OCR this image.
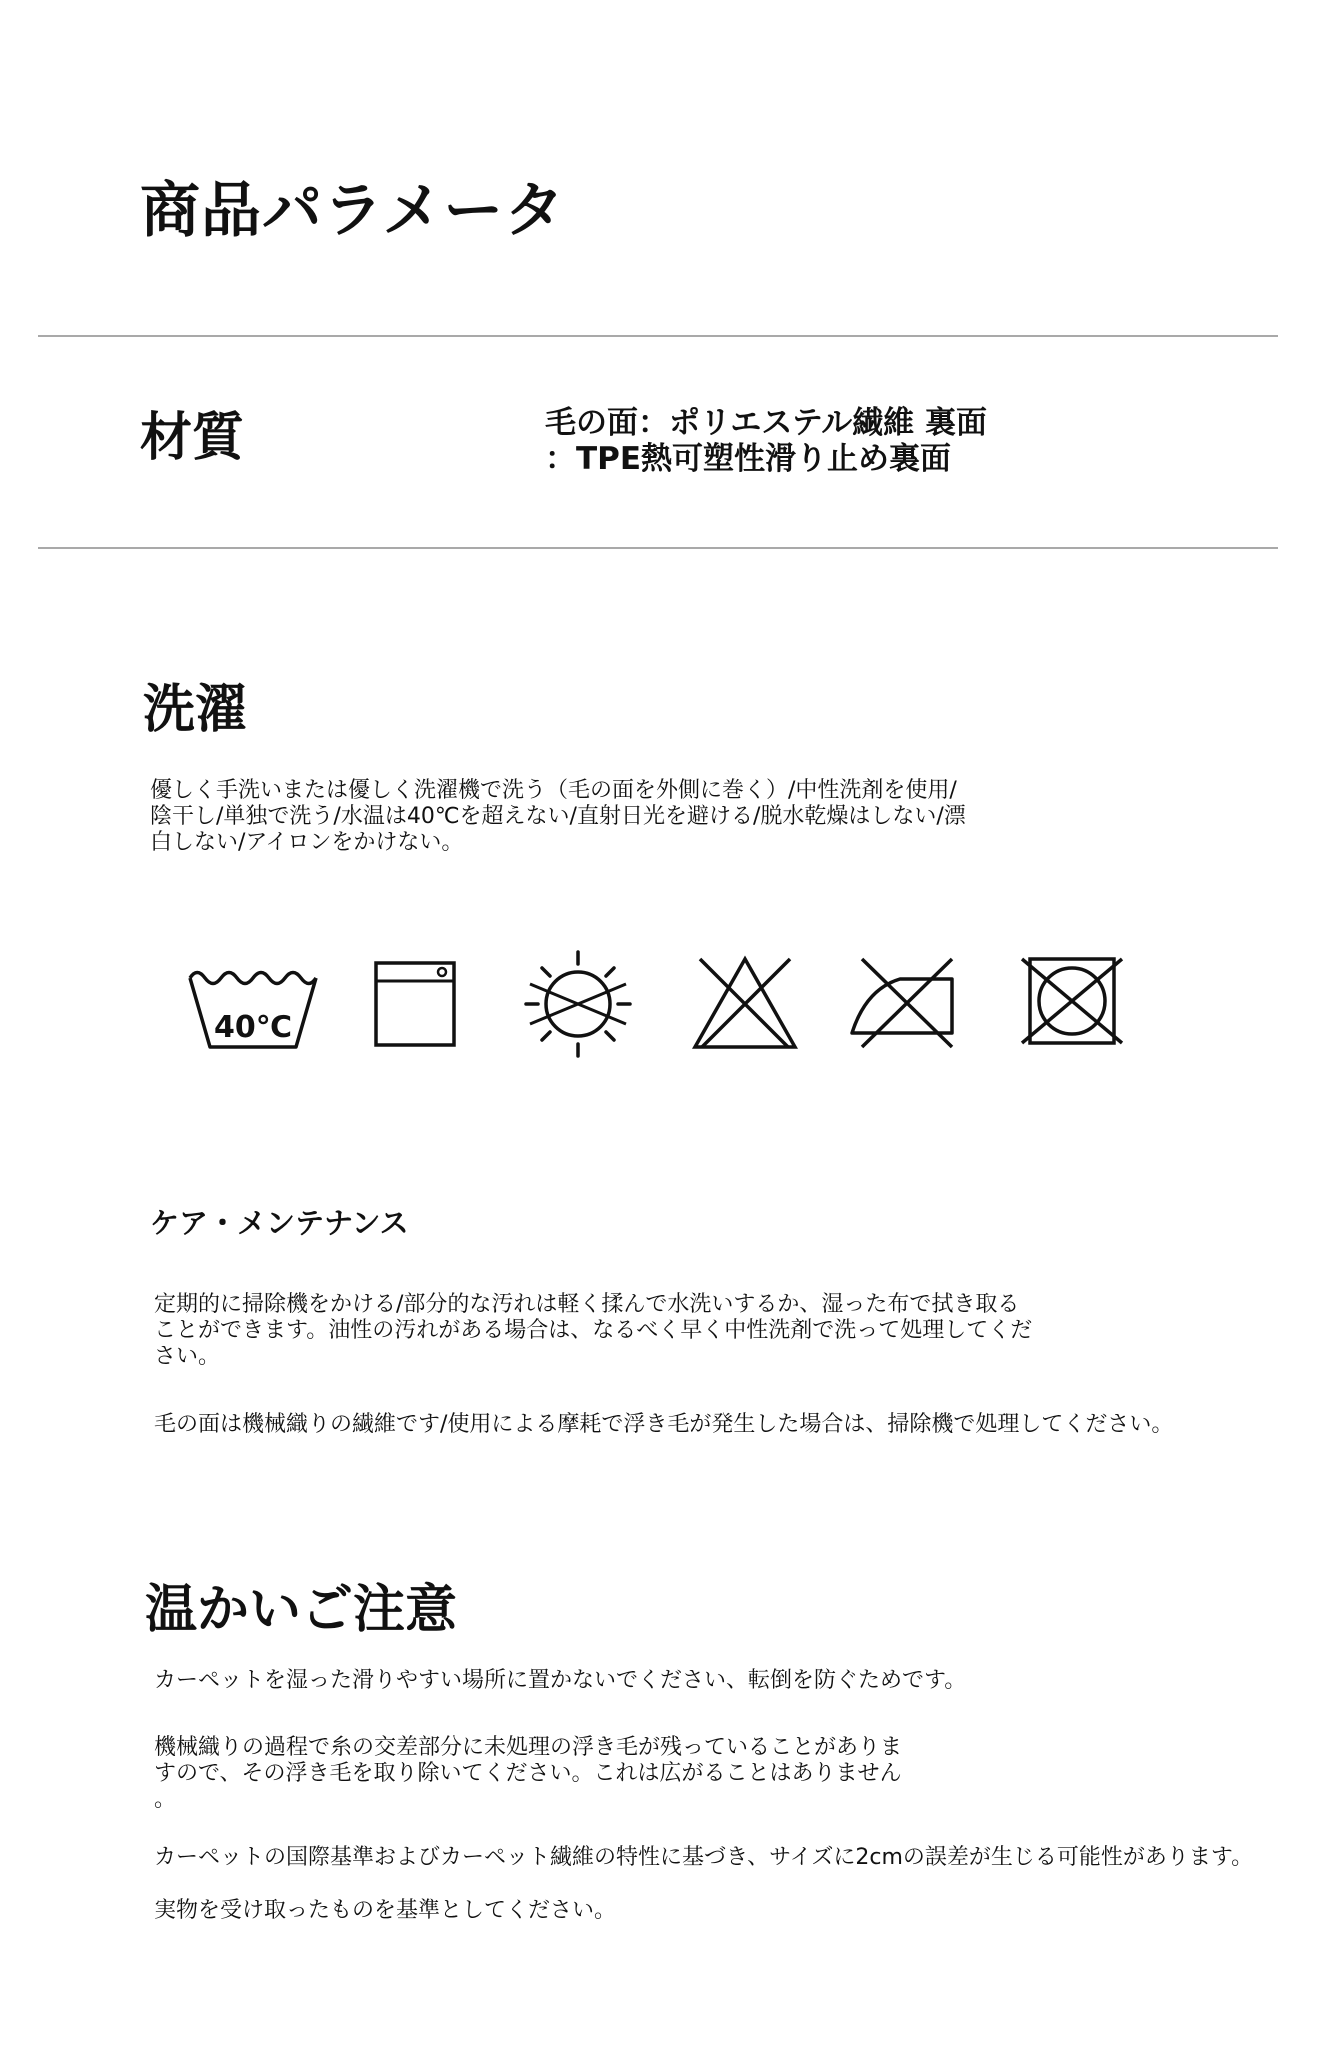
商品パラメータ
材質	毛の面：ポリエステル繊維 裏面
：TPE熱可塑性滑り止め裏面
洗濯
優しく手洗いまたは優しく洗濯機で洗う（毛の面を外側に巻く）/中性洗剤を使用/
陰干し/単独で洗う/水温は40℃を超えない/直射日光を避ける/脱水乾燥はしない/漂
白しない/アイロンをかけない。
40℃
ケア・メンテナンス
定期的に掃除機をかける/部分的な汚れは軽く揉んで水洗いするか、湿った布で拭き取る
ことができます。油性の汚れがある場合は、なるべく早く中性洗剤で洗って処理してくだ
さい。
毛の面は機械織りの繊維です/使用による摩耗で浮き毛が発生した場合は、掃除機で処理してください。
温かいご注意
カーペットを湿った滑りやすい場所に置かないでください、転倒を防ぐためです。
機械織りの過程で糸の交差部分に未処理の浮き毛が残っていることがありま
すので、その浮き毛を取り除いてください。これは広がることはありません
。
カーペットの国際基準およびカーペット繊維の特性に基づき、サイズに2cmの誤差が生じる可能性があります。
実物を受け取ったものを基準としてください。
